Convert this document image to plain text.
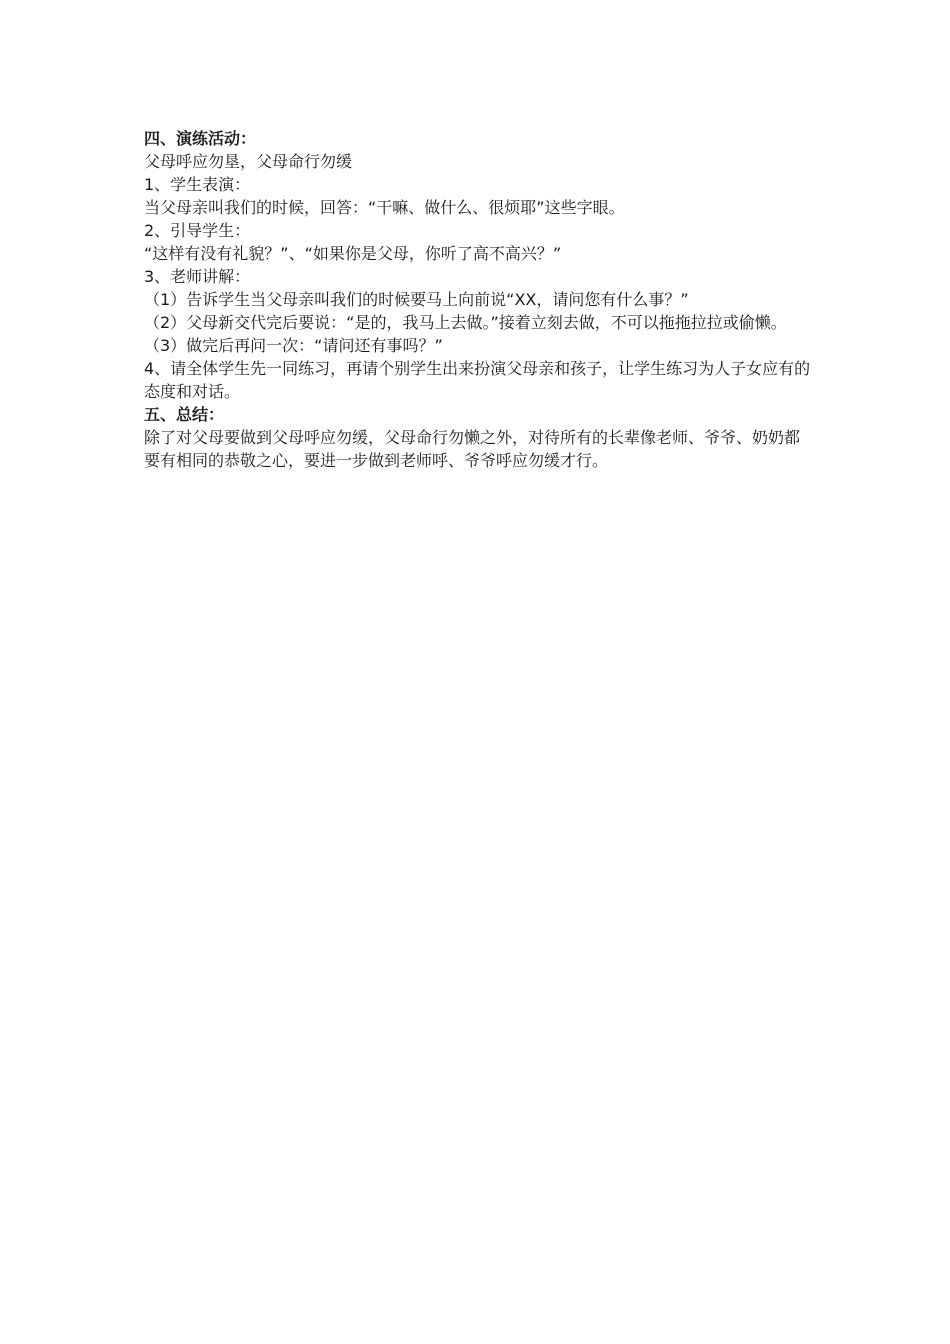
四、演练活动：
父母呼应勿垦，父母命行勿缓
1、学生表演：
当父母亲叫我们的时候，回答：“干嘛、做什么、很烦耶”这些字眼。
2、引导学生：
“这样有没有礼貌？”、“如果你是父母，你听了高不高兴？”
3、老师讲解：
（1）告诉学生当父母亲叫我们的时候要马上向前说“XX，请问您有什么事？”
（2）父母新交代完后要说：“是的，我马上去做。”接着立刻去做，不可以拖拖拉拉或偷懒。
（3）做完后再问一次：“请问还有事吗？”
4、请全体学生先一同练习，再请个别学生出来扮演父母亲和孩子，让学生练习为人子女应有的态度和对话。
五、总结：
除了对父母要做到父母呼应勿缓，父母命行勿懒之外，对待所有的长辈像老师、爷爷、奶奶都要有相同的恭敬之心，要进一步做到老师呼、爷爷呼应勿缓才行。
